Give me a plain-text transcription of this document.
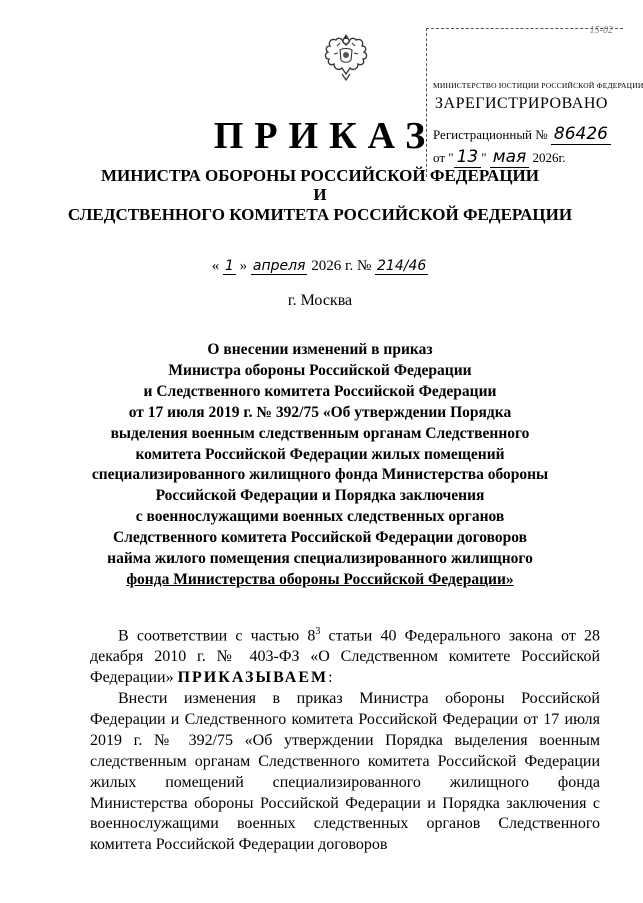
15-02
МИНИСТЕРСТВО ЮСТИЦИИ РОССИЙСКОЙ ФЕДЕРАЦИИ
ЗАРЕГИСТРИРОВАНО
Регистрационный № 86426
от " 13 " мая 2026г.
ПРИКАЗ
МИНИСТРА ОБОРОНЫ РОССИЙСКОЙ ФЕДЕРАЦИИ
И
СЛЕДСТВЕННОГО КОМИТЕТА РОССИЙСКОЙ ФЕДЕРАЦИИ
« 1 » апреля 2026 г. № 214/46
г. Москва
О внесении изменений в приказ
Министра обороны Российской Федерации
и Следственного комитета Российской Федерации
от 17 июля 2019 г. № 392/75 «Об утверждении Порядка
выделения военным следственным органам Следственного
комитета Российской Федерации жилых помещений
специализированного жилищного фонда Министерства обороны
Российской Федерации и Порядка заключения
с военнослужащими военных следственных органов
Следственного комитета Российской Федерации договоров
найма жилого помещения специализированного жилищного
фонда Министерства обороны Российской Федерации»

В соответствии с частью $8^3$ статьи 40 Федерального закона от 28 декабря 2010 г. № 403-ФЗ «О Следственном комитете Российской Федерации» ПРИКАЗЫВАЕМ:

Внести изменения в приказ Министра обороны Российской Федерации и Следственного комитета Российской Федерации от 17 июля 2019 г. № 392/75 «Об утверждении Порядка выделения военным следственным органам Следственного комитета Российской Федерации жилых помещений специализированного жилищного фонда Министерства обороны Российской Федерации и Порядка заключения с военнослужащими военных следственных органов Следственного комитета Российской Федерации договоров
